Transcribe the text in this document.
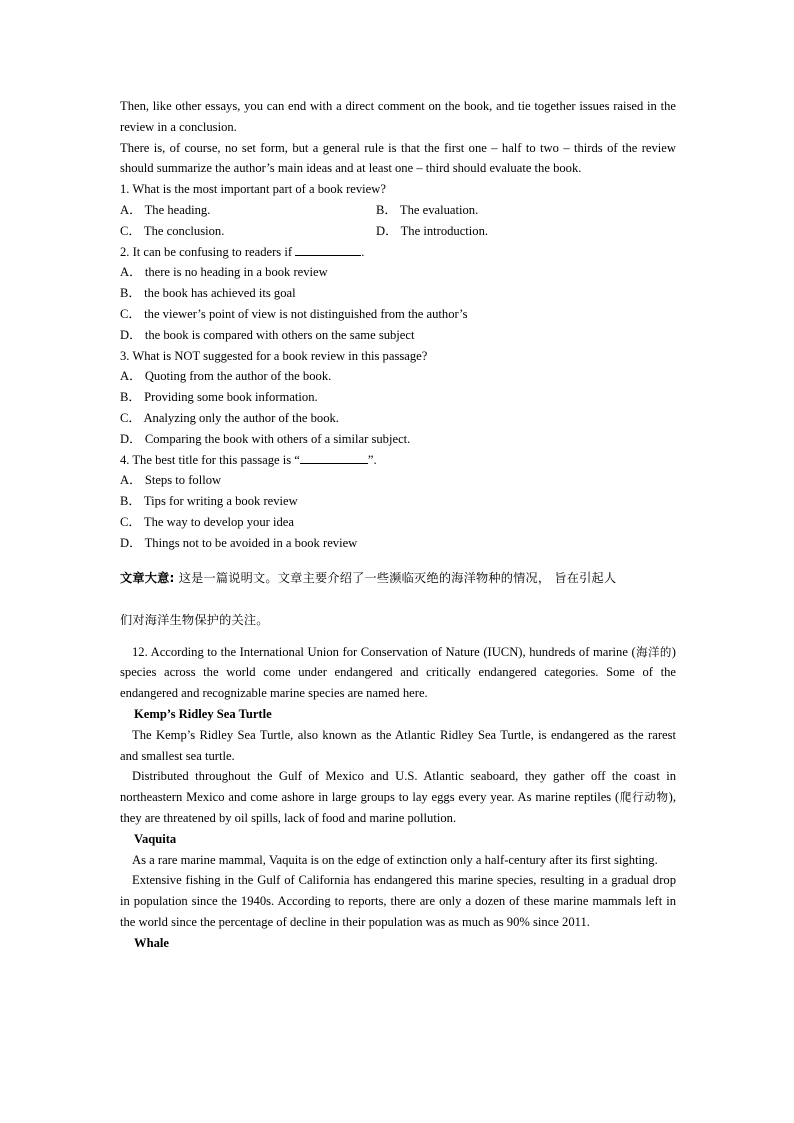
Then, like other essays, you can end with a direct comment on the book, and tie together issues raised in the review in a conclusion.

There is, of course, no set form, but a general rule is that the first one – half to two – thirds of the review should summarize the author’s main ideas and at least one – third should evaluate the book.

1. What is the most important part of a book review?

A． The heading.	B． The evaluation.
C． The conclusion.	D． The introduction.

2. It can be confusing to readers if	.

A． there is no heading in a book review

B． the book has achieved its goal

C． the viewer’s point of view is not distinguished from the author’s

D． the book is compared with others on the same subject

3. What is NOT suggested for a book review in this passage?

A． Quoting from the author of the book.

B． Providing some book information.

C． Analyzing only the author of the book.

D． Comparing the book with others of a similar subject.

4. The best title for this passage is “	”.

A． Steps to follow

B． Tips for writing a book review

C． The way to develop your idea

D． Things not to be avoided in a book review

文章大意: 这是一篇说明文。文章主要介绍了一些濒临灭绝的海洋物种的情况， 旨在引起人

们对海洋生物保护的关注。

12. According to the International Union for Conservation of Nature (IUCN), hundreds of marine (海洋的) species across the world come under endangered and critically endangered categories. Some of the endangered and recognizable marine species are named here.

Kemp’s Ridley Sea Turtle

The Kemp’s Ridley Sea Turtle, also known as the Atlantic Ridley Sea Turtle, is endangered as the rarest and smallest sea turtle.

Distributed throughout the Gulf of Mexico and U.S. Atlantic seaboard, they gather off the coast in northeastern Mexico and come ashore in large groups to lay eggs every year. As marine reptiles (爬行动物), they are threatened by oil spills, lack of food and marine pollution.

Vaquita

As a rare marine mammal, Vaquita is on the edge of extinction only a half-century after its first sighting.

Extensive fishing in the Gulf of California has endangered this marine species, resulting in a gradual drop in population since the 1940s. According to reports, there are only a dozen of these marine mammals left in the world since the percentage of decline in their population was as much as 90% since 2011.

Whale
